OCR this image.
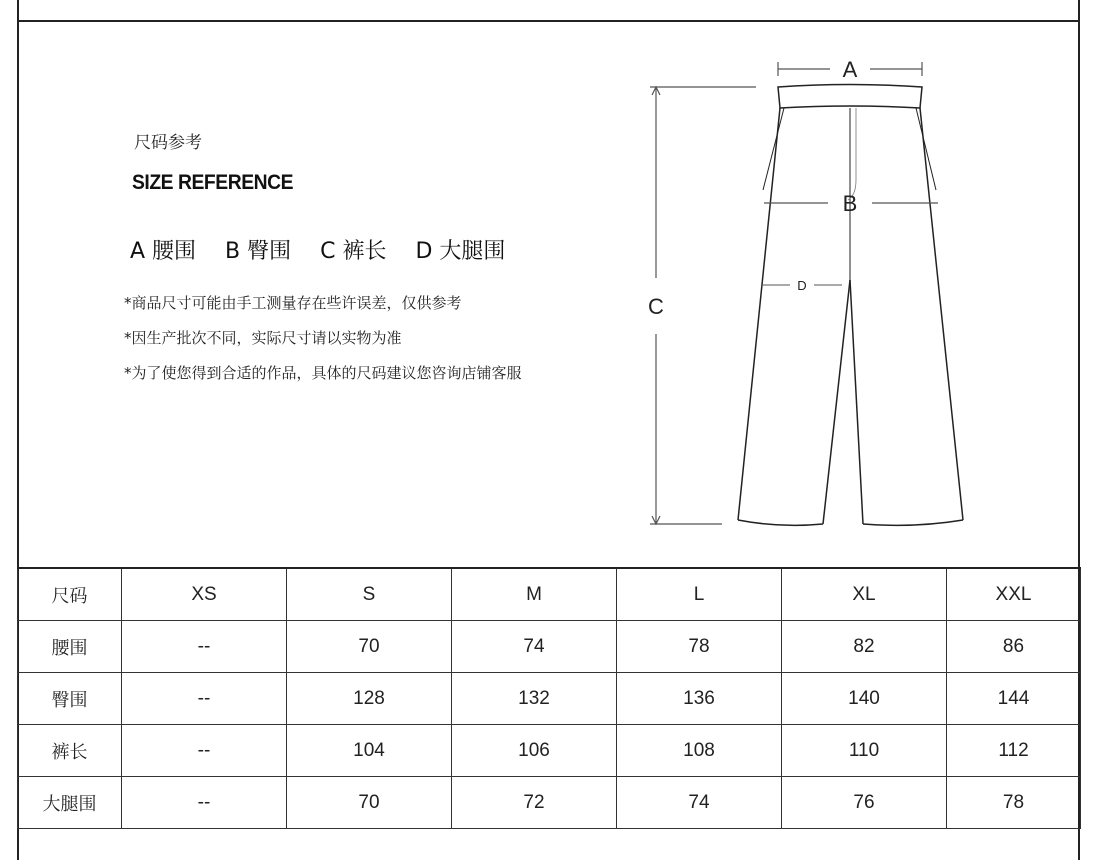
尺码参考
SIZE REFERENCE
A 腰围 B 臀围 C 裤长 D 大腿围
*商品尺寸可能由手工测量存在些许误差，仅供参考
*因生产批次不同，实际尺寸请以实物为准
*为了使您得到合适的作品，具体的尺码建议您咨询店铺客服
A
B
D
C
尺码	XS	S	M	L	XL	XXL
腰围	--	70	74	78	82	86
臀围	--	128	132	136	140	144
裤长	--	104	106	108	110	112
大腿围	--	70	72	74	76	78
